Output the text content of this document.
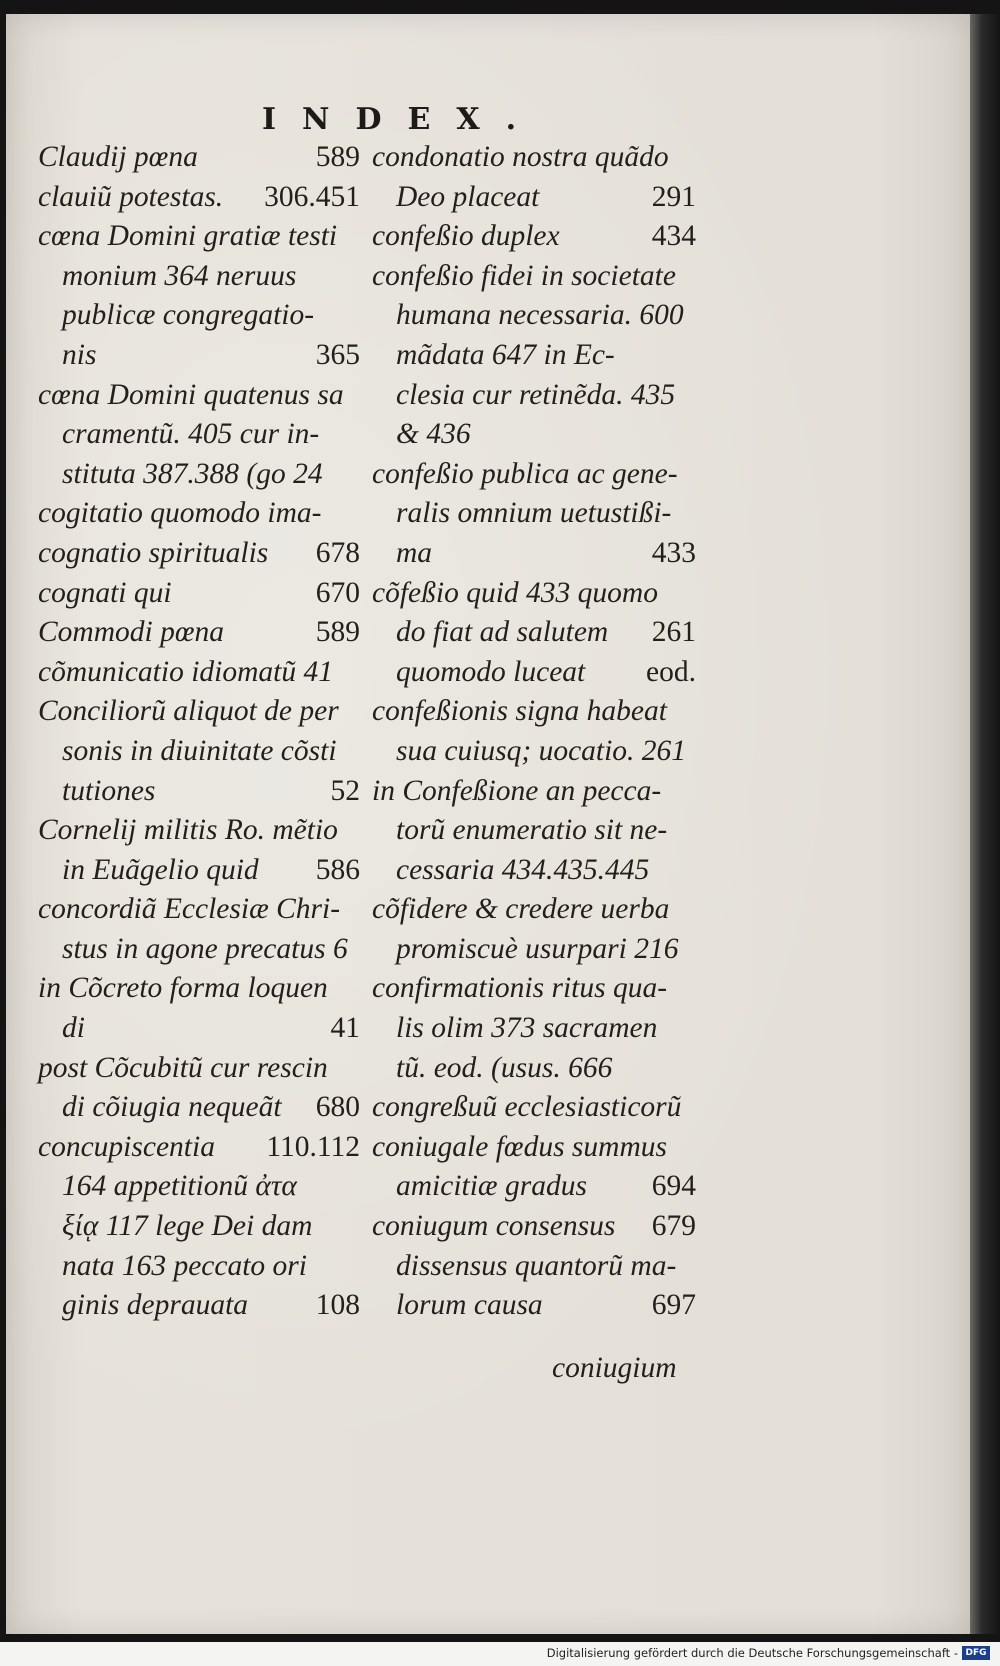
INDEX.
Claudij pœna	589
clauiũ potestas. 306.451
cœna Domini gratiæ testi
monium 364 neruus
publicæ congregatio-
nis	365
cœna Domini quatenus sa
cramentũ. 405 cur in-
stituta 387.388 (go 24
cogitatio quomodo ima-
cognatio spiritualis 678
cognati qui	670
Commodi pœna	589
cõmunicatio idiomatũ 41
Conciliorũ aliquot de per
sonis in diuinitate cõsti
tutiones	52
Cornelij militis Ro. mẽtio
in Euãgelio quid 586
concordiã Ecclesiæ Chri-
stus in agone precatus 6
in Cõcreto forma loquen
di	41
post Cõcubitũ cur rescin
di cõiugia nequeãt 680
concupiscentia 110.112
164 appetitionũ ἀτα
ξίᾳ 117 lege Dei dam
nata 163 peccato ori
ginis deprauata 108
condonatio nostra quãdo
Deo placeat	291
confeßio duplex	434
confeßio fidei in societate
humana necessaria. 600
mãdata 647 in Ec-
clesia cur retinẽda. 435
& 436
confeßio publica ac gene-
ralis omnium uetustißi-
ma	433
cõfeßio quid 433 quomo
do fiat ad salutem 261
quomodo luceat eod.
confeßionis signa habeat
sua cuiusq; uocatio. 261
in Confeßione an pecca-
torũ enumeratio sit ne-
cessaria 434.435.445
cõfidere & credere uerba
promiscuè usurpari 216
confirmationis ritus qua-
lis olim 373 sacramen
tũ. eod. (usus. 666
congreßuũ ecclesiasticorũ
coniugale fœdus summus
amicitiæ gradus 694
coniugum consensus 679
dissensus quantorũ ma-
lorum causa	697
coniugium
Digitalisierung gefördert durch die Deutsche Forschungsgemeinschaft - DFG
